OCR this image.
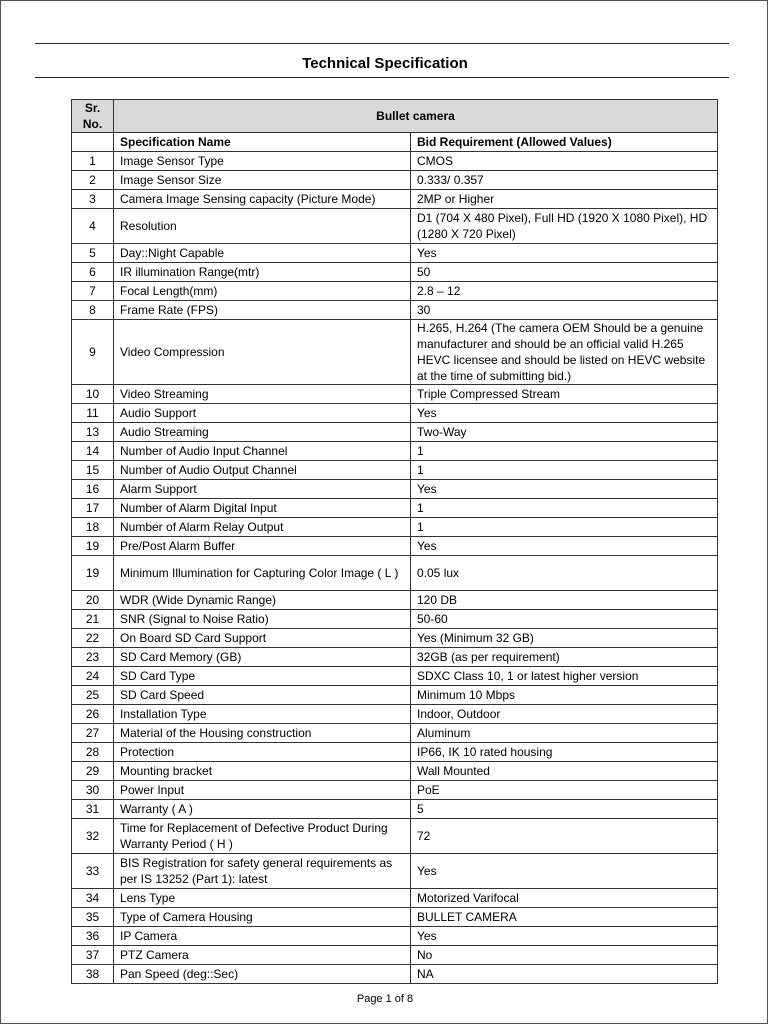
Technical Specification
Sr.
No.	Bullet camera	
	Specification Name	Bid Requirement (Allowed Values)
1	Image Sensor Type	CMOS
2	Image Sensor Size	0.333/ 0.357
3	Camera Image Sensing capacity (Picture Mode)	2MP or Higher
4	Resolution	D1 (704 X 480 Pixel), Full HD (1920 X 1080 Pixel), HD (1280 X 720 Pixel)
5	Day::Night Capable	Yes
6	IR illumination Range(mtr)	50
7	Focal Length(mm)	2.8 – 12
8	Frame Rate (FPS)	30
9	Video Compression	H.265, H.264 (The camera OEM Should be a genuine manufacturer and should be an official valid H.265 HEVC licensee and should be listed on HEVC website at the time of submitting bid.)
10	Video Streaming	Triple Compressed Stream
11	Audio Support	Yes
13	Audio Streaming	Two-Way
14	Number of Audio Input Channel	1
15	Number of Audio Output Channel	1
16	Alarm Support	Yes
17	Number of Alarm Digital Input	1
18	Number of Alarm Relay Output	1
19	Pre/Post Alarm Buffer	Yes
19	Minimum Illumination for Capturing Color Image ( L )	0.05 lux
20	WDR (Wide Dynamic Range)	120 DB
21	SNR (Signal to Noise Ratio)	50-60
22	On Board SD Card Support	Yes (Minimum 32 GB)
23	SD Card Memory (GB)	32GB (as per requirement)
24	SD Card Type	SDXC Class 10, 1 or latest higher version
25	SD Card Speed	Minimum 10 Mbps
26	Installation Type	Indoor, Outdoor
27	Material of the Housing construction	Aluminum
28	Protection	IP66, IK 10 rated housing
29	Mounting bracket	Wall Mounted
30	Power Input	PoE
31	Warranty ( A )	5
32	Time for Replacement of Defective Product During Warranty Period ( H )	72
33	BIS Registration for safety general requirements as per IS 13252 (Part 1): latest	Yes
34	Lens Type	Motorized Varifocal
35	Type of Camera Housing	BULLET CAMERA
36	IP Camera	Yes
37	PTZ Camera	No
38	Pan Speed (deg::Sec)	NA
Page 1 of 8
